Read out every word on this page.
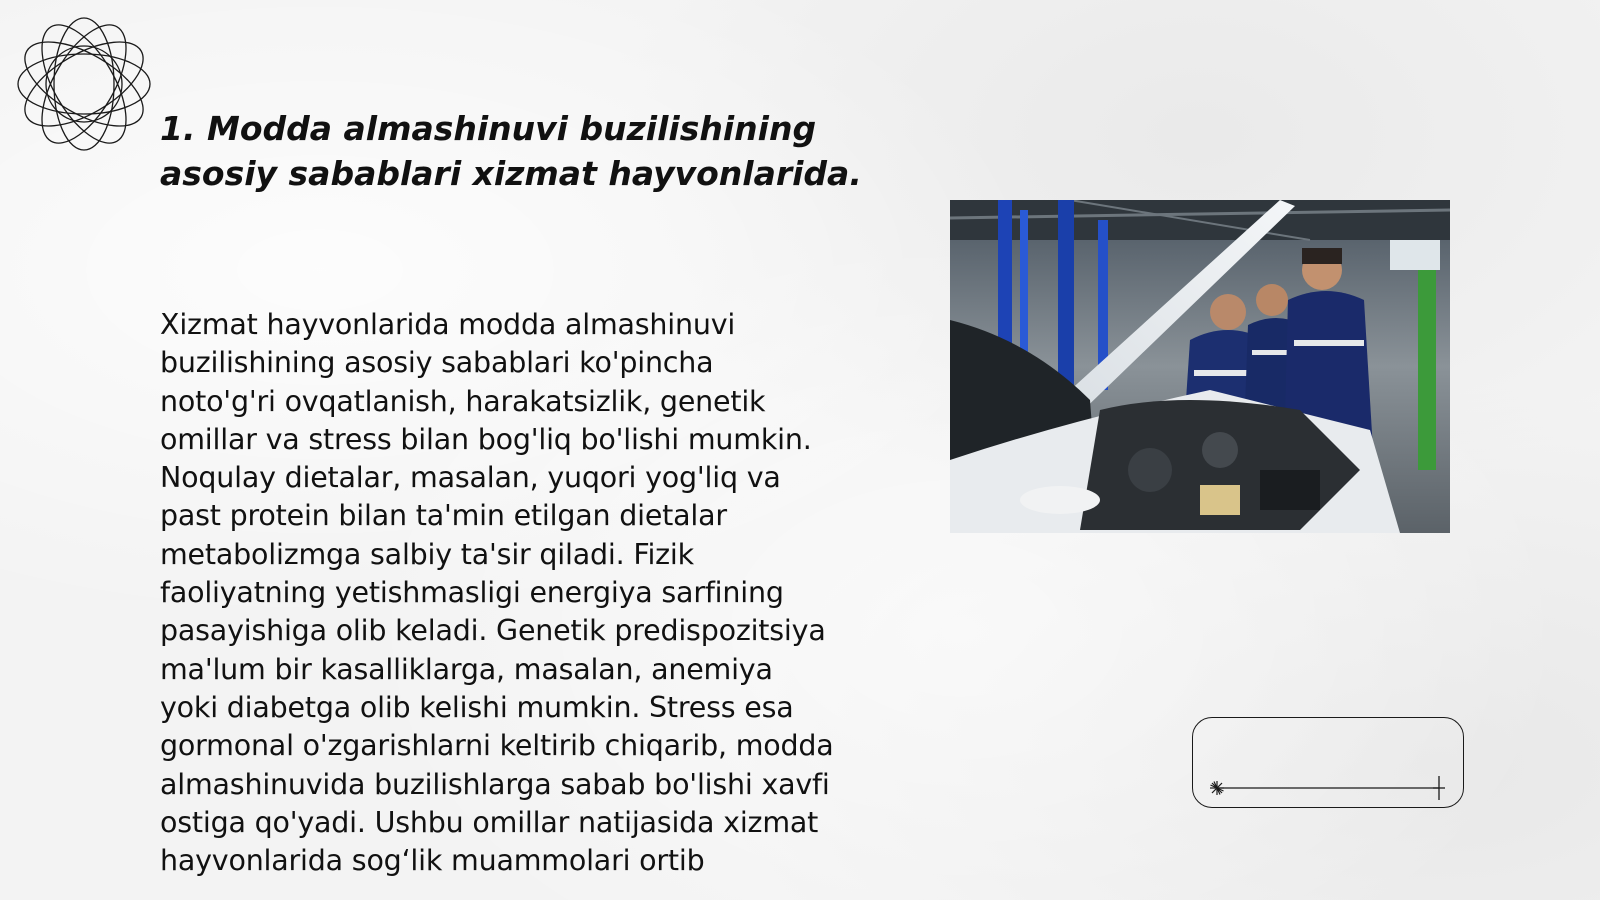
1. Modda almashinuvi buzilishining asosiy sabablari xizmat hayvonlarida.

Xizmat hayvonlarida modda almashinuvi buzilishining asosiy sabablari ko'pincha noto'g'ri ovqatlanish, harakatsizlik, genetik omillar va stress bilan bog'liq bo'lishi mumkin. Noqulay dietalar, masalan, yuqori yog'liq va past protein bilan ta'min etilgan dietalar metabolizmga salbiy ta'sir qiladi. Fizik faoliyatning yetishmasligi energiya sarfining pasayishiga olib keladi. Genetik predispozitsiya ma'lum bir kasalliklarga, masalan, anemiya yoki diabetga olib kelishi mumkin. Stress esa gormonal o'zgarishlarni keltirib chiqarib, modda almashinuvida buzilishlarga sabab bo'lishi xavfi ostiga qo'yadi. Ushbu omillar natijasida xizmat hayvonlarida sog‘lik muammolari ortib
